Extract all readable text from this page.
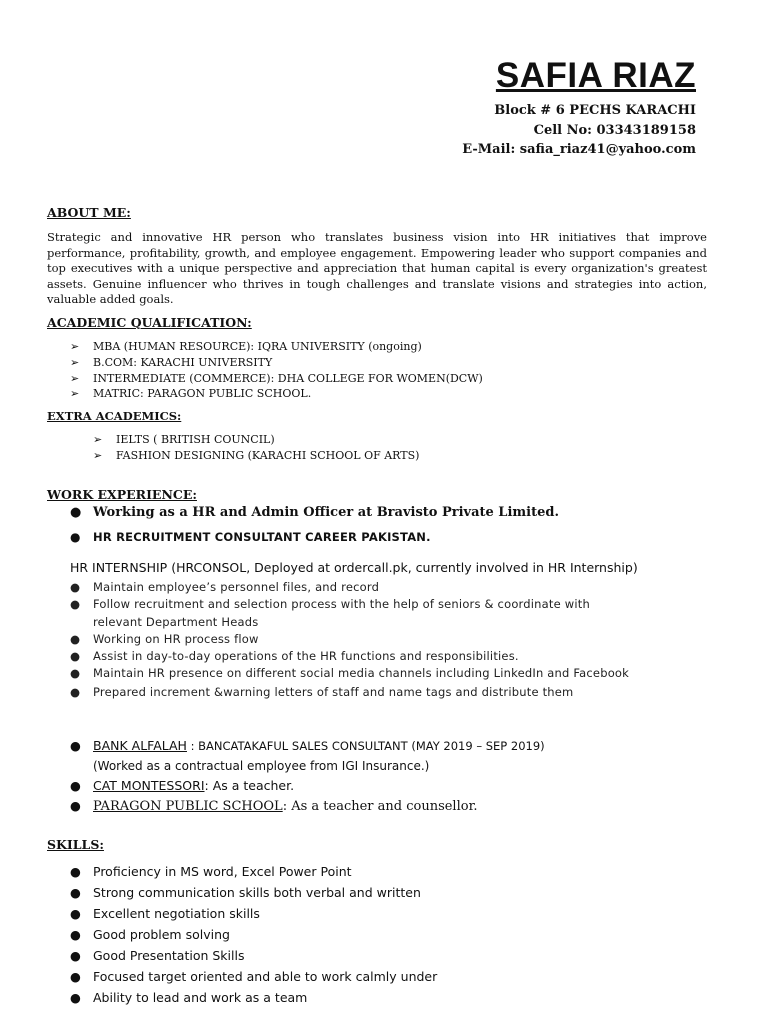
SAFIA RIAZ
Block # 6 PECHS KARACHI
Cell No: 03343189158
E-Mail: safia_riaz41@yahoo.com
ABOUT ME:
Strategic and innovative HR person who translates business vision into HR initiatives that improve performance, profitability, growth, and employee engagement. Empowering leader who support companies and top executives with a unique perspective and appreciation that human capital is every organization's greatest assets. Genuine influencer who thrives in tough challenges and translate visions and strategies into action, valuable added goals.
ACADEMIC QUALIFICATION:
➢ MBA (HUMAN RESOURCE): IQRA UNIVERSITY (ongoing)
➢ B.COM: KARACHI UNIVERSITY
➢ INTERMEDIATE (COMMERCE): DHA COLLEGE FOR WOMEN(DCW)
➢ MATRIC: PARAGON PUBLIC SCHOOL.
EXTRA ACADEMICS:
➢ IELTS ( BRITISH COUNCIL)
➢ FASHION DESIGNING (KARACHI SCHOOL OF ARTS)
WORK EXPERIENCE:
● Working as a HR and Admin Officer at Bravisto Private Limited.
● HR RECRUITMENT CONSULTANT CAREER PAKISTAN.
HR INTERNSHIP (HRCONSOL, Deployed at ordercall.pk, currently involved in HR Internship)
● Maintain employee’s personnel files, and record
● Follow recruitment and selection process with the help of seniors & coordinate with
relevant Department Heads
● Working on HR process flow
● Assist in day-to-day operations of the HR functions and responsibilities.
● Maintain HR presence on different social media channels including LinkedIn and Facebook
● Prepared increment &warning letters of staff and name tags and distribute them
● BANK ALFALAH : BANCATAKAFUL SALES CONSULTANT (MAY 2019 – SEP 2019)
(Worked as a contractual employee from IGI Insurance.)
● CAT MONTESSORI: As a teacher.
● PARAGON PUBLIC SCHOOL: As a teacher and counsellor.
SKILLS:
● Proficiency in MS word, Excel Power Point
● Strong communication skills both verbal and written
● Excellent negotiation skills
● Good problem solving
● Good Presentation Skills
● Focused target oriented and able to work calmly under
● Ability to lead and work as a team
